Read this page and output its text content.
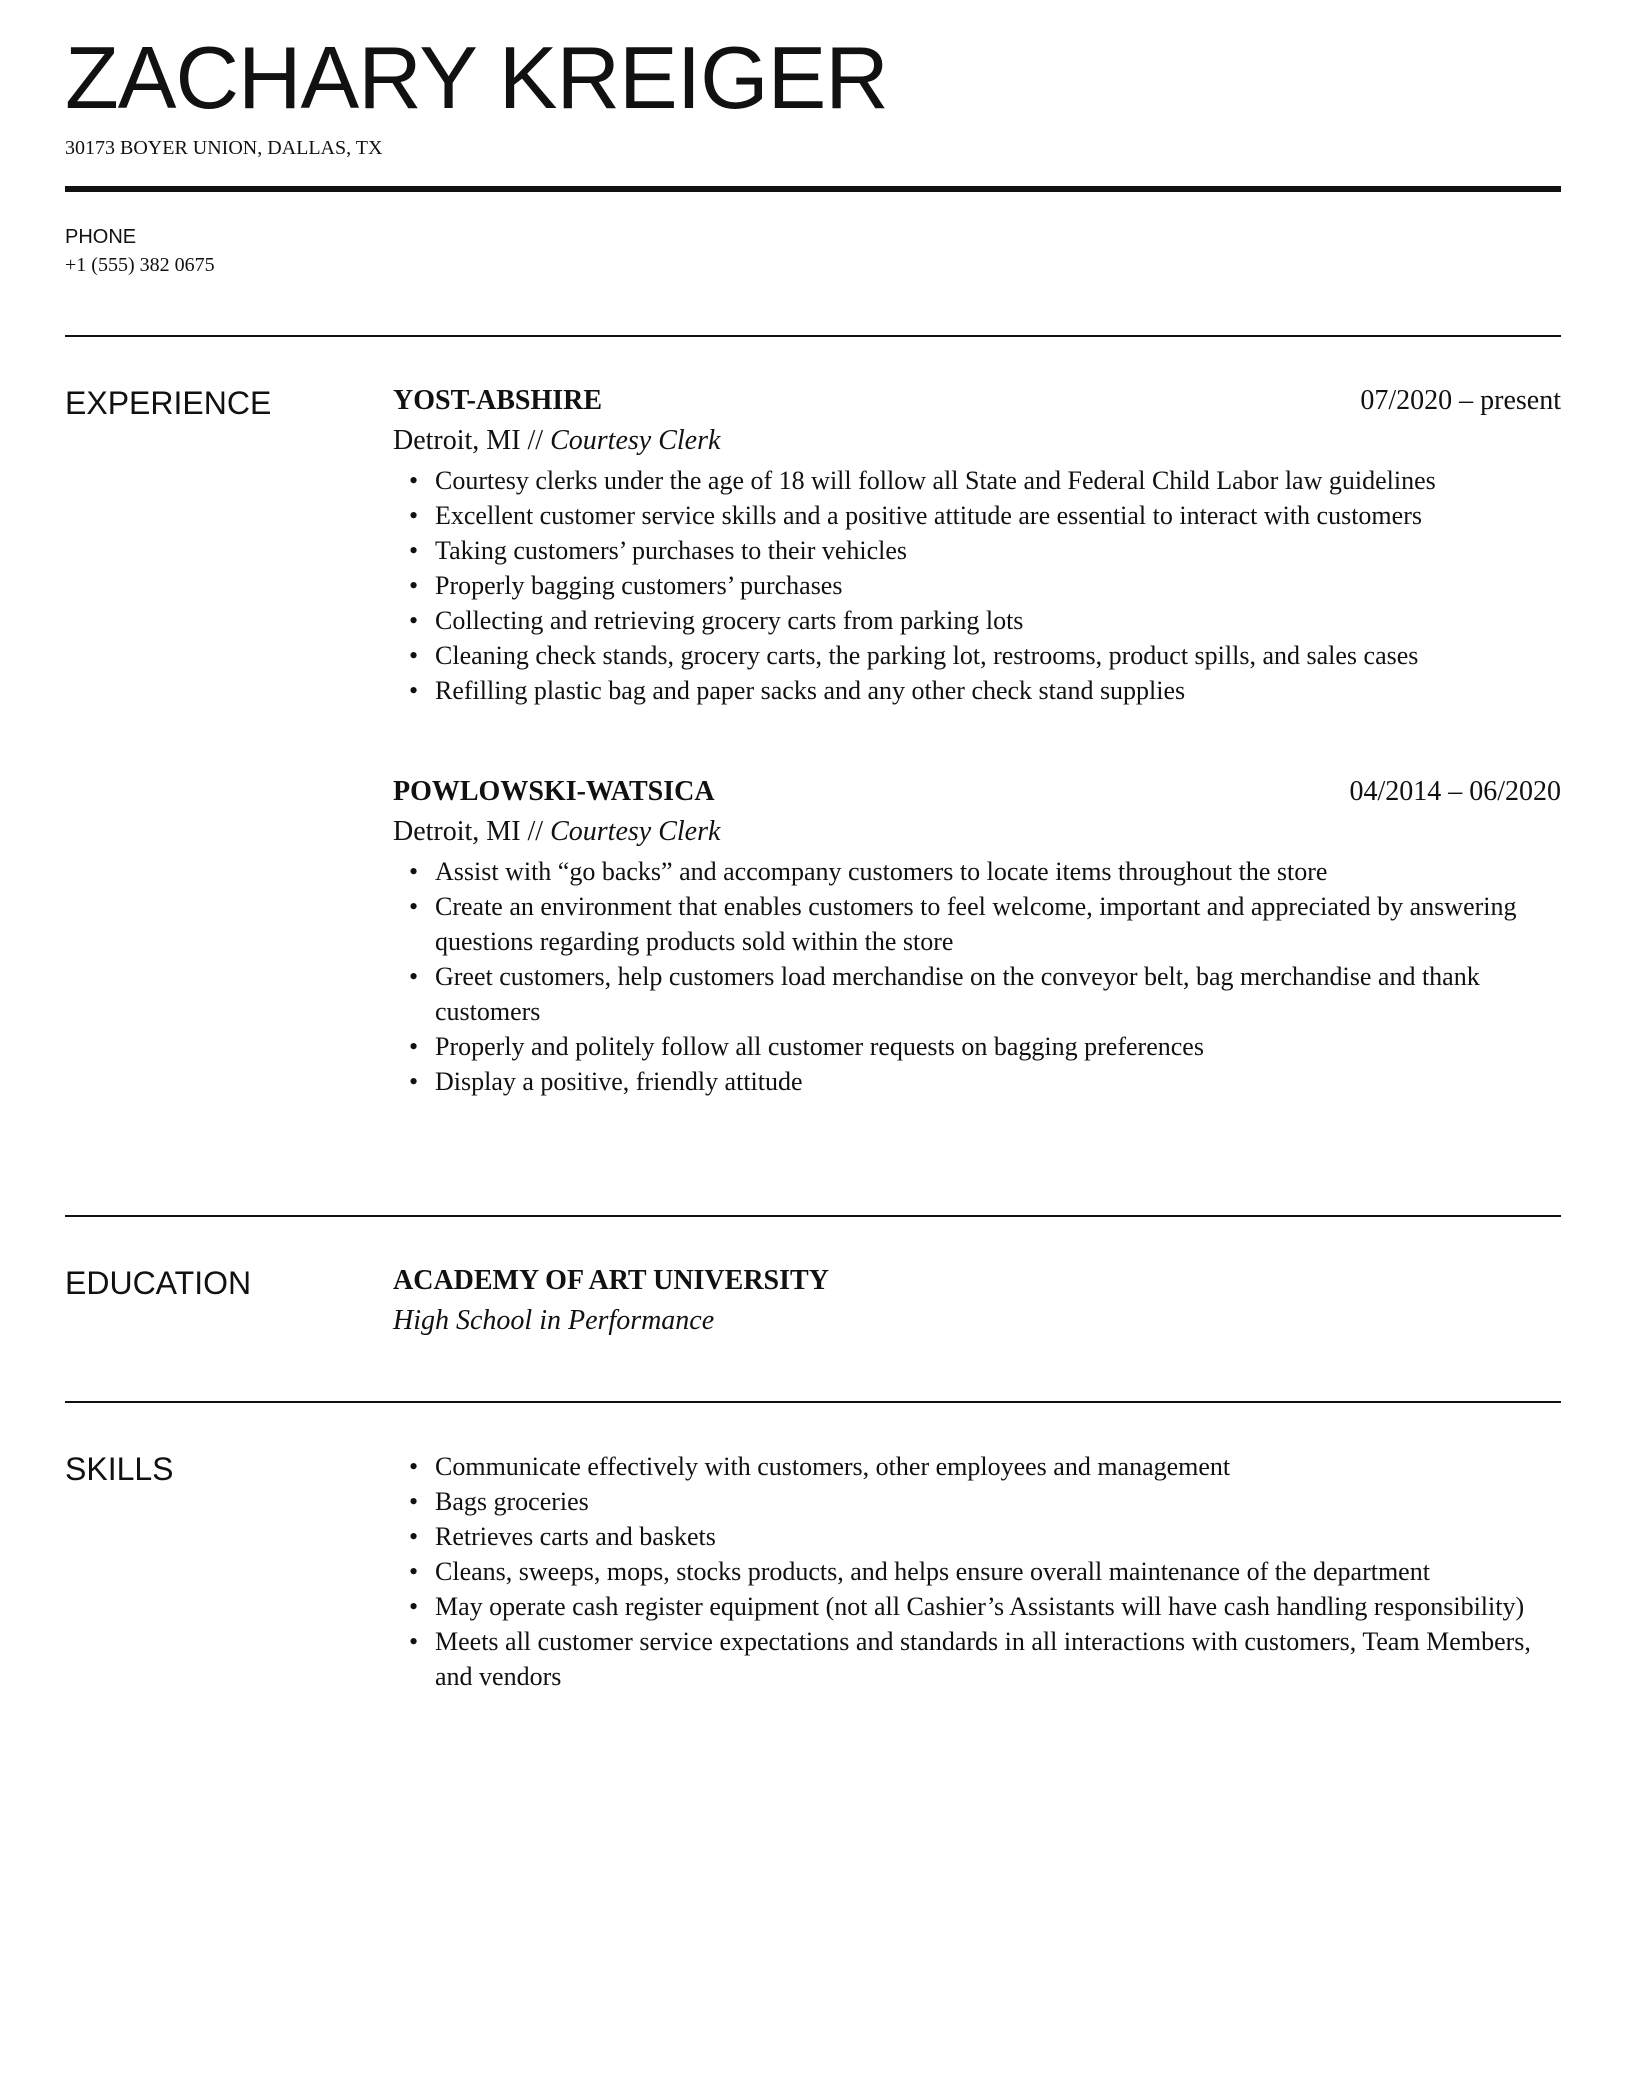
ZACHARY KREIGER
30173 BOYER UNION, DALLAS, TX
PHONE
+1 (555) 382 0675
EXPERIENCE	YOST-ABSHIRE	07/2020 – present
Detroit, MI // Courtesy Clerk
• Courtesy clerks under the age of 18 will follow all State and Federal Child Labor law guidelines
• Excellent customer service skills and a positive attitude are essential to interact with customers
• Taking customers’ purchases to their vehicles
• Properly bagging customers’ purchases
• Collecting and retrieving grocery carts from parking lots
• Cleaning check stands, grocery carts, the parking lot, restrooms, product spills, and sales cases
• Refilling plastic bag and paper sacks and any other check stand supplies
POWLOWSKI-WATSICA	04/2014 – 06/2020
Detroit, MI // Courtesy Clerk
• Assist with “go backs” and accompany customers to locate items throughout the store
• Create an environment that enables customers to feel welcome, important and appreciated by answering questions regarding products sold within the store
• Greet customers, help customers load merchandise on the conveyor belt, bag merchandise and thank customers
• Properly and politely follow all customer requests on bagging preferences
• Display a positive, friendly attitude
EDUCATION	ACADEMY OF ART UNIVERSITY
High School in Performance
SKILLS	• Communicate effectively with customers, other employees and management
• Bags groceries
• Retrieves carts and baskets
• Cleans, sweeps, mops, stocks products, and helps ensure overall maintenance of the department
• May operate cash register equipment (not all Cashier’s Assistants will have cash handling responsibility)
• Meets all customer service expectations and standards in all interactions with customers, Team Members, and vendors
